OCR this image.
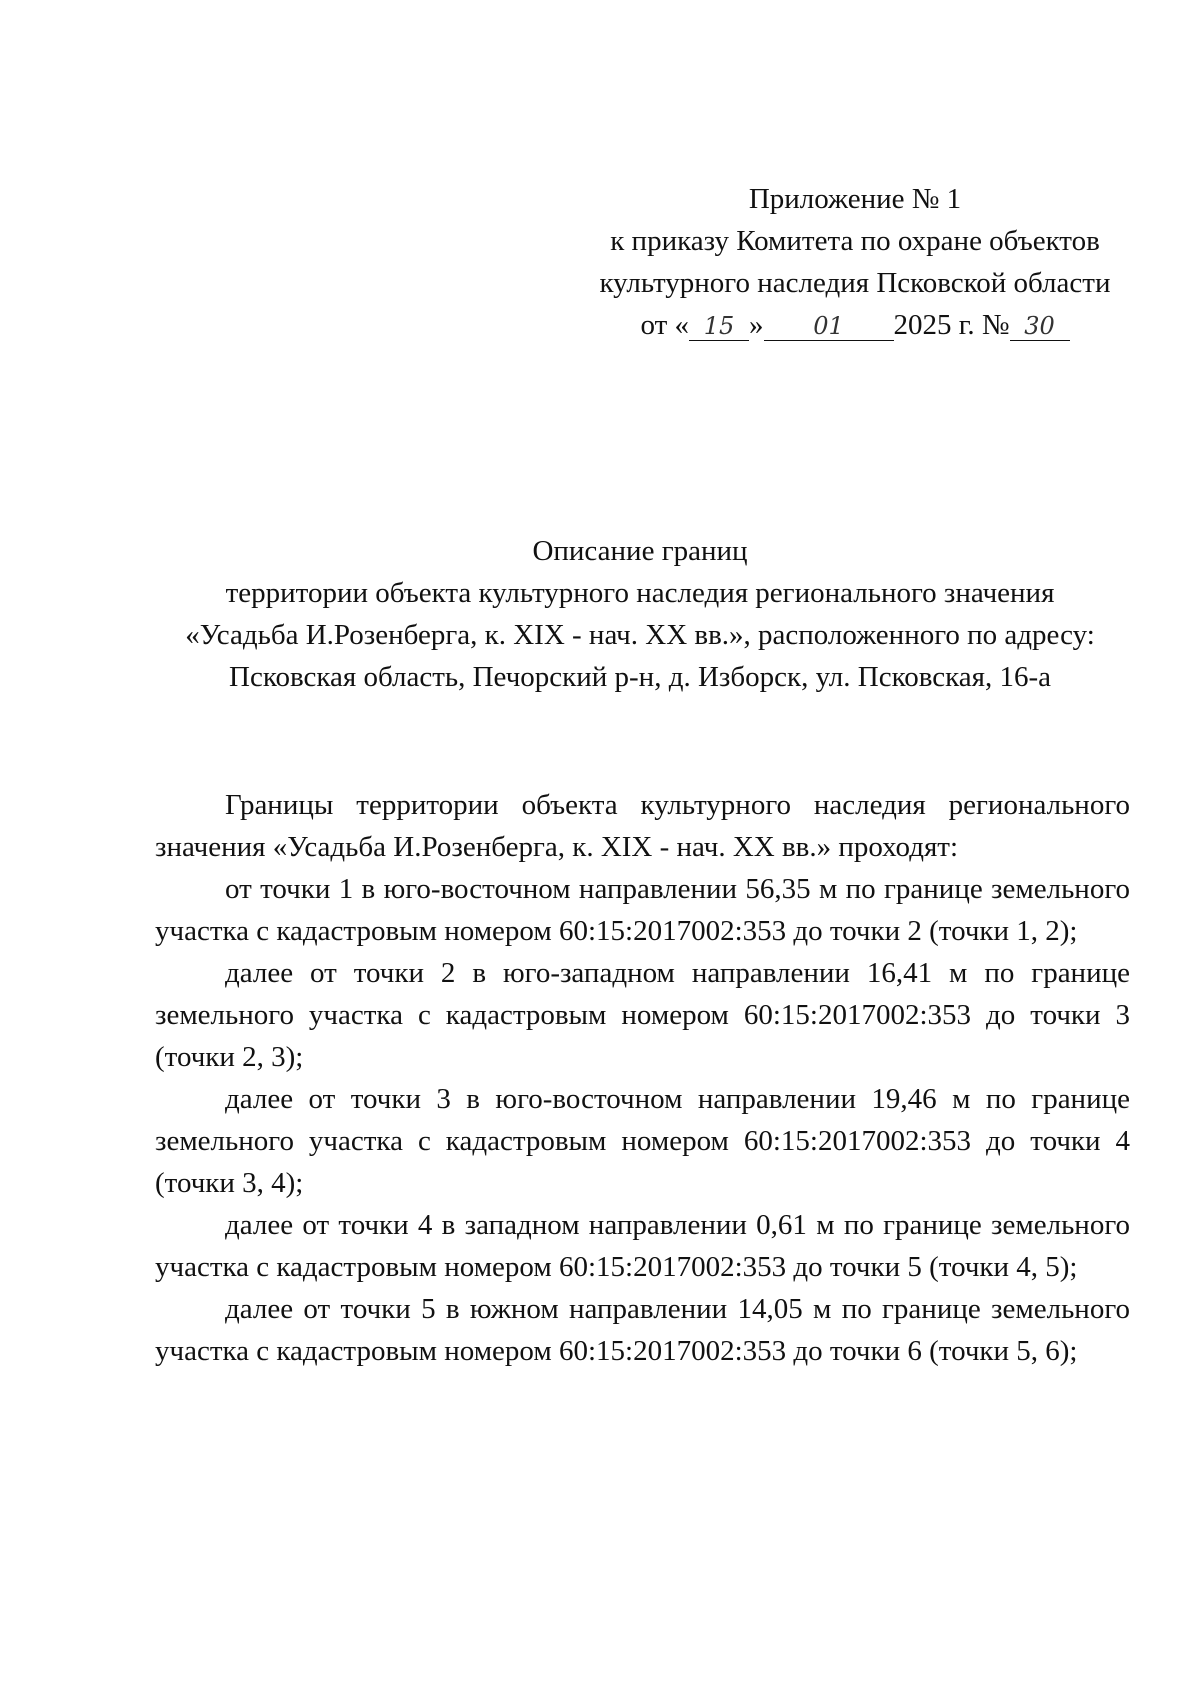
Приложение № 1
к приказу Комитета по охране объектов
культурного наследия Псковской области
от « 15 » 01 2025 г. № 30
Описание границ
территории объекта культурного наследия регионального значения
«Усадьба И.Розенберга, к. XIX - нач. XX вв.», расположенного по адресу:
Псковская область, Печорский р-н, д. Изборск, ул. Псковская, 16-а

Границы территории объекта культурного наследия регионального значения «Усадьба И.Розенберга, к. XIX - нач. XX вв.» проходят:

от точки 1 в юго-восточном направлении 56,35 м по границе земельного участка с кадастровым номером 60:15:2017002:353 до точки 2 (точки 1, 2);

далее от точки 2 в юго-западном направлении 16,41 м по границе земельного участка с кадастровым номером 60:15:2017002:353 до точки 3 (точки 2, 3);

далее от точки 3 в юго-восточном направлении 19,46 м по границе земельного участка с кадастровым номером 60:15:2017002:353 до точки 4 (точки 3, 4);

далее от точки 4 в западном направлении 0,61 м по границе земельного участка с кадастровым номером 60:15:2017002:353 до точки 5 (точки 4, 5);

далее от точки 5 в южном направлении 14,05 м по границе земельного участка с кадастровым номером 60:15:2017002:353 до точки 6 (точки 5, 6);
